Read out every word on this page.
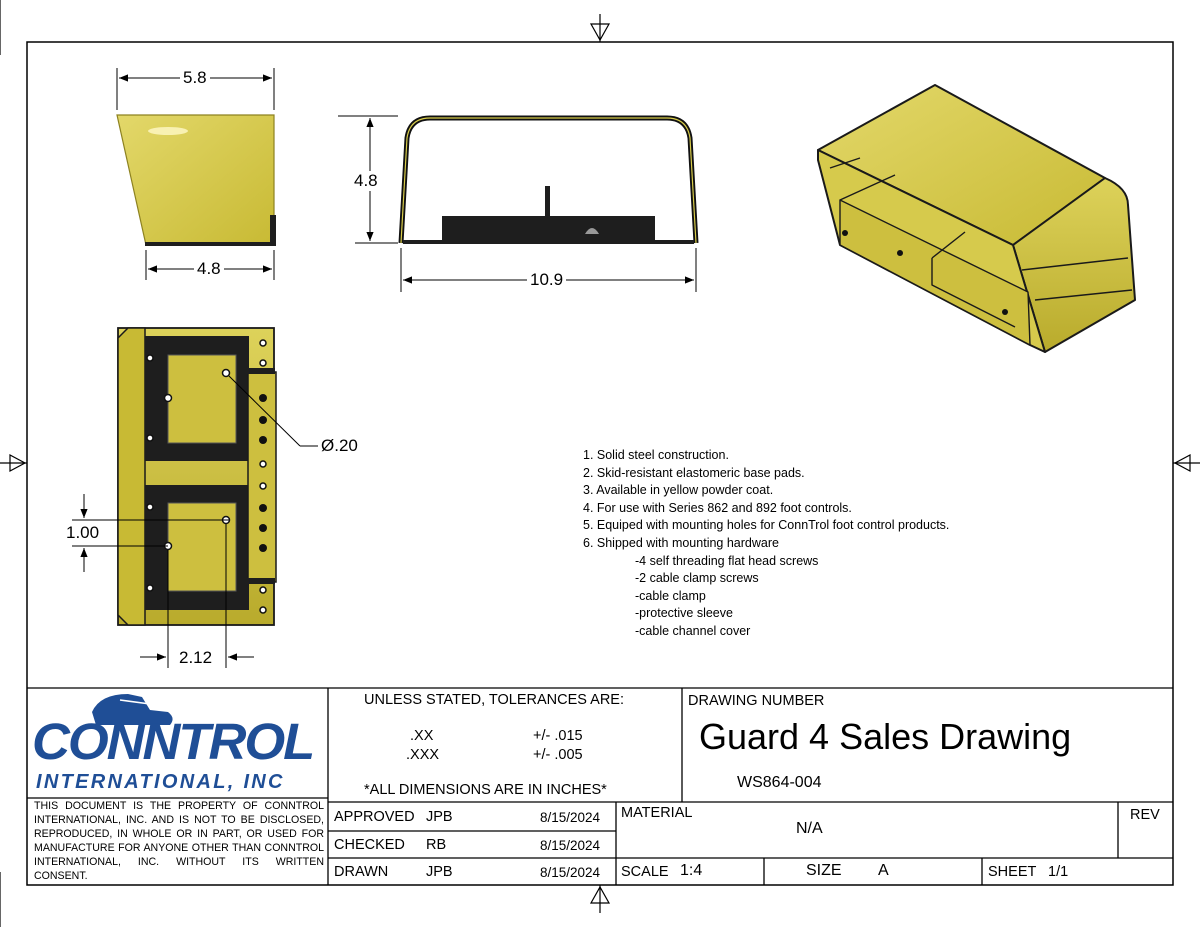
5.8
4.8
4.8
10.9
Ø.20
1.00
2.12
1. Solid steel construction.
2. Skid-resistant elastomeric base pads.
3. Available in yellow powder coat.
4. For use with Series 862 and 892 foot controls.
5. Equiped with mounting holes for ConnTrol foot control products.
6. Shipped with mounting hardware
-4 self threading flat head screws
-2 cable clamp screws
-cable clamp
-protective sleeve
-cable channel cover
CONNTROL
INTERNATIONAL, INC
THIS DOCUMENT IS THE PROPERTY OF CONNTROL INTERNATIONAL, INC. AND IS NOT TO BE DISCLOSED, REPRODUCED, IN WHOLE OR IN PART, OR USED FOR MANUFACTURE FOR ANYONE OTHER THAN CONNTROL INTERNATIONAL, INC. WITHOUT ITS WRITTEN CONSENT.
UNLESS STATED, TOLERANCES ARE:
.XX	+/- .015
.XXX	+/- .005
*ALL DIMENSIONS ARE IN INCHES*
DRAWING NUMBER
Guard 4 Sales Drawing
WS864-004
APPROVED JPB	8/15/2024
CHECKED RB	8/15/2024
DRAWN	JPB	8/15/2024
MATERIAL
N/A
REV
SCALE 1:4	SIZE A	SHEET 1/1
